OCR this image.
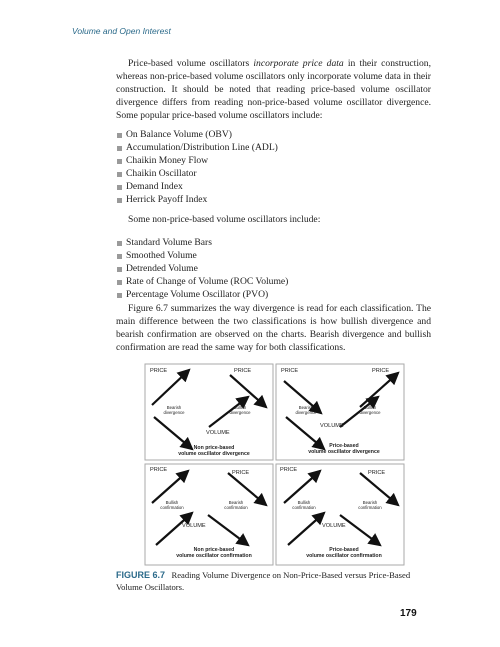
Volume and Open Interest

Price-based volume oscillators incorporate price data in their construction, whereas non-price-based volume oscillators only incorporate volume data in their construction. It should be noted that reading price-based volume oscillator divergence differs from reading non-price-based volume oscillator divergence. Some popular price-based volume oscillators include:

On Balance Volume (OBV)
Accumulation/Distribution Line (ADL)
Chaikin Money Flow
Chaikin Oscillator
Demand Index
Herrick Payoff Index

Some non-price-based volume oscillators include:

Standard Volume Bars
Smoothed Volume
Detrended Volume
Rate of Change of Volume (ROC Volume)
Percentage Volume Oscillator (PVO)

Figure 6.7 summarizes the way divergence is read for each classification. The main difference between the two classifications is how bullish divergence and bearish confirmation are observed on the charts. Bearish divergence and bullish confirmation are read the same way for both classifications.

PRICE	PRICE
Bearish
divergence
Bullish
divergence
VOLUME
Non price-based
volume oscillator divergence
PRICE	PRICE
Bearish
divergence
Bullish
divergence
VOLUME
Price-based
volume oscillator divergence
PRICE	PRICE
Bullish
confirmation
Bearish
confirmation
VOLUME
Non price-based
volume oscillator confirmation
PRICE	PRICE
Bullish
confirmation
Bearish
confirmation
VOLUME
Price-based
volume oscillator confirmation
FIGURE 6.7 Reading Volume Divergence on Non-Price-Based versus Price-Based Volume Oscillators.
179
